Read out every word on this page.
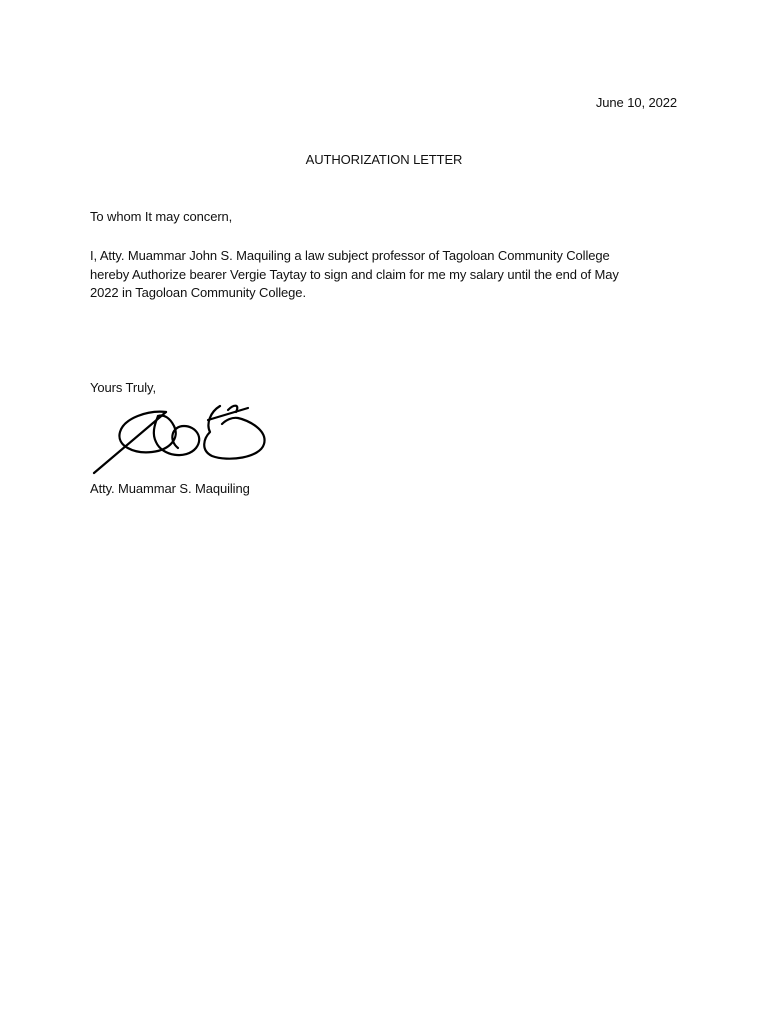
June 10, 2022
AUTHORIZATION LETTER
To whom It may concern,
I, Atty. Muammar John S. Maquiling a law subject professor of Tagoloan Community College
hereby Authorize bearer Vergie Taytay to sign and claim for me my salary until the end of May
2022 in Tagoloan Community College.
Yours Truly,
Atty. Muammar S. Maquiling
